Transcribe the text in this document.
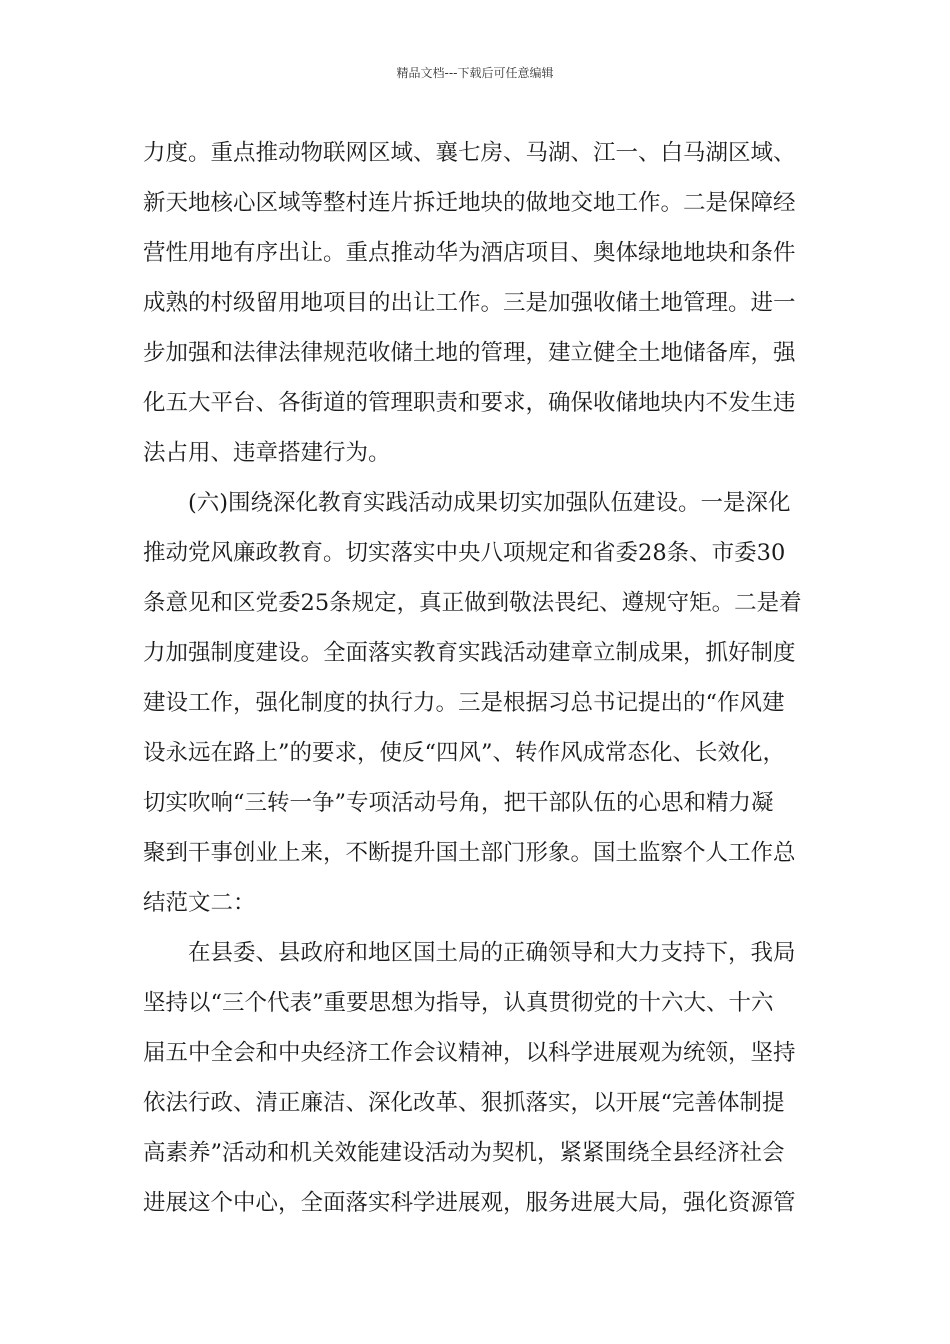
精品文档---下载后可任意编辑
力度。重点推动物联网区域、襄七房、马湖、江一、白马湖区域、
新天地核心区域等整村连片拆迁地块的做地交地工作。二是保障经
营性用地有序出让。重点推动华为酒店项目、奥体绿地地块和条件
成熟的村级留用地项目的出让工作。三是加强收储土地管理。进一
步加强和法律法律规范收储土地的管理，建立健全土地储备库，强
化五大平台、各街道的管理职责和要求，确保收储地块内不发生违
法占用、违章搭建行为。
　　(六)围绕深化教育实践活动成果切实加强队伍建设。一是深化
推动党风廉政教育。切实落实中央八项规定和省委28条、市委30
条意见和区党委25条规定，真正做到敬法畏纪、遵规守矩。二是着
力加强制度建设。全面落实教育实践活动建章立制成果，抓好制度
建设工作，强化制度的执行力。三是根据习总书记提出的“作风建
设永远在路上”的要求，使反“四风”、转作风成常态化、长效化，
切实吹响“三转一争”专项活动号角，把干部队伍的心思和精力凝
聚到干事创业上来，不断提升国土部门形象。国土监察个人工作总
结范文二：
　　在县委、县政府和地区国土局的正确领导和大力支持下，我局
坚持以“三个代表”重要思想为指导，认真贯彻党的十六大、十六
届五中全会和中央经济工作会议精神，以科学进展观为统领，坚持
依法行政、清正廉洁、深化改革、狠抓落实，以开展“完善体制提
高素养”活动和机关效能建设活动为契机，紧紧围绕全县经济社会
进展这个中心，全面落实科学进展观，服务进展大局，强化资源管
